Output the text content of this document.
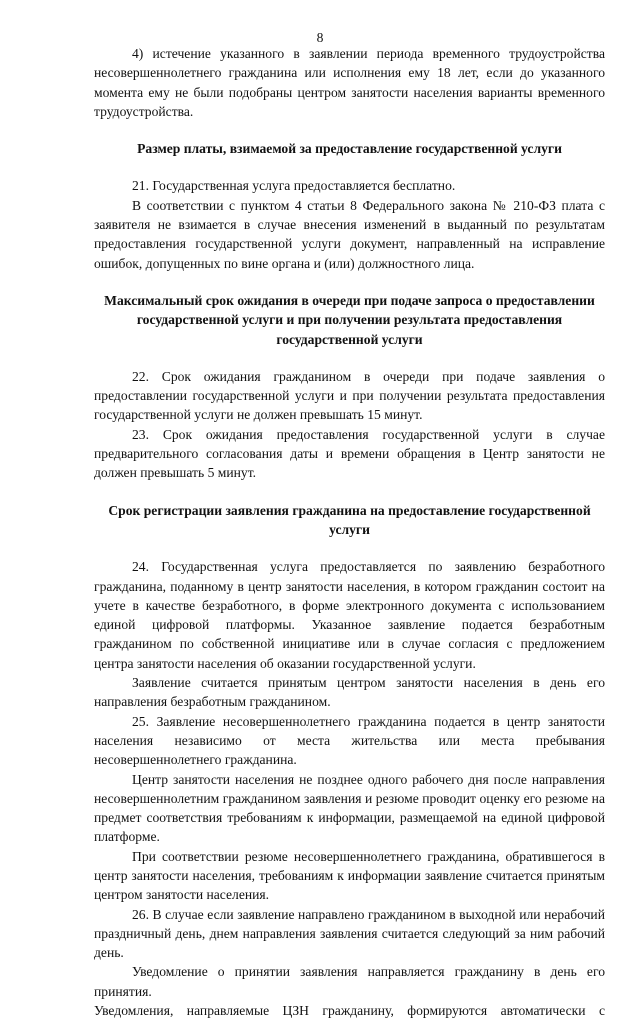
8

4) истечение указанного в заявлении периода временного трудоустройства несовершеннолетнего гражданина или исполнения ему 18 лет, если до указанного момента ему не были подобраны центром занятости населения варианты временного трудоустройства.

Размер платы, взимаемой за предоставление государственной услуги

21. Государственная услуга предоставляется бесплатно.

В соответствии с пунктом 4 статьи 8 Федерального закона № 210-ФЗ плата с заявителя не взимается в случае внесения изменений в выданный по результатам предоставления государственной услуги документ, направленный на исправление ошибок, допущенных по вине органа и (или) должностного лица.

Максимальный срок ожидания в очереди при подаче запроса о предоставлении государственной услуги и при получении результата предоставления государственной услуги

22. Срок ожидания гражданином в очереди при подаче заявления о предоставлении государственной услуги и при получении результата предоставления государственной услуги не должен превышать 15 минут.

23. Срок ожидания предоставления государственной услуги в случае предварительного согласования даты и времени обращения в Центр занятости не должен превышать 5 минут.

Срок регистрации заявления гражданина на предоставление государственной услуги

24. Государственная услуга предоставляется по заявлению безработного гражданина, поданному в центр занятости населения, в котором гражданин состоит на учете в качестве безработного, в форме электронного документа с использованием единой цифровой платформы. Указанное заявление подается безработным гражданином по собственной инициативе или в случае согласия с предложением центра занятости населения об оказании государственной услуги.

Заявление считается принятым центром занятости населения в день его направления безработным гражданином.

25. Заявление несовершеннолетнего гражданина подается в центр занятости населения независимо от места жительства или места пребывания несовершеннолетнего гражданина.

Центр занятости населения не позднее одного рабочего дня после направления несовершеннолетним гражданином заявления и резюме проводит оценку его резюме на предмет соответствия требованиям к информации, размещаемой на единой цифровой платформе.

При соответствии резюме несовершеннолетнего гражданина, обратившегося в центр занятости населения, требованиям к информации заявление считается принятым центром занятости населения.

26. В случае если заявление направлено гражданином в выходной или нерабочий праздничный день, днем направления заявления считается следующий за ним рабочий день.

Уведомление о принятии заявления направляется гражданину в день его принятия.

Уведомления, направляемые ЦЗН гражданину, формируются автоматически с
